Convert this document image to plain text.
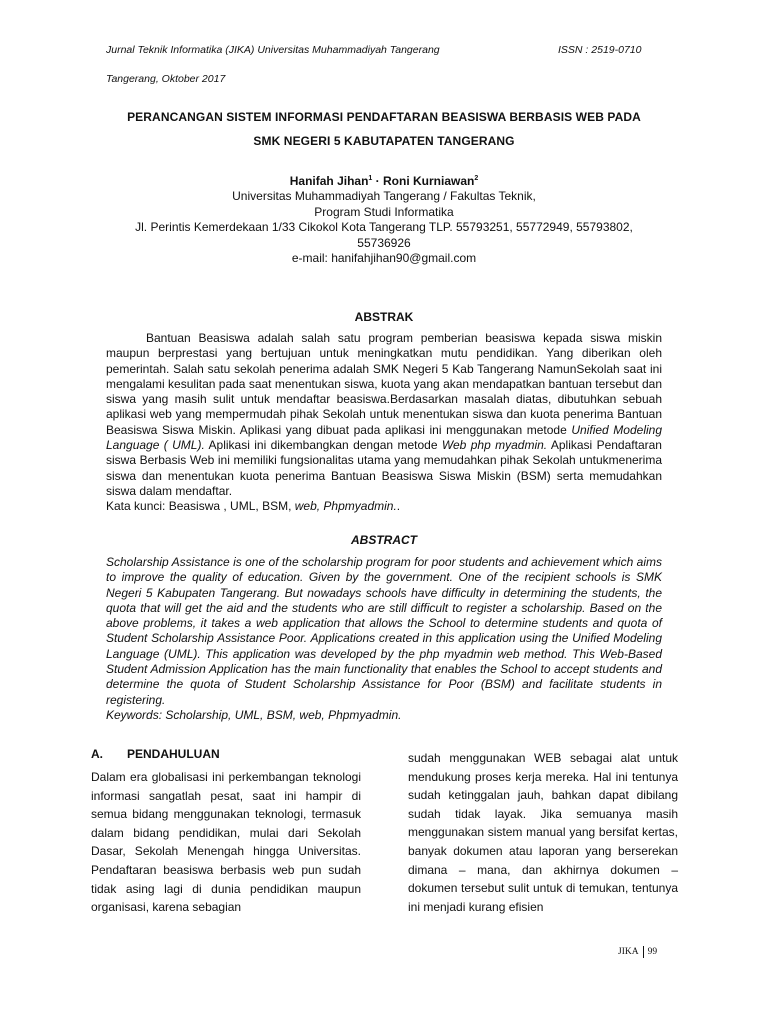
Jurnal Teknik Informatika (JIKA) Universitas Muhammadiyah Tangerang	ISSN : 2519-0710
Tangerang, Oktober 2017
PERANCANGAN SISTEM INFORMASI PENDAFTARAN BEASISWA BERBASIS WEB PADA
SMK NEGERI 5 KABUTAPATEN TANGERANG
Hanifah Jihan$^1$ · Roni Kurniawan$^2$
Universitas Muhammadiyah Tangerang / Fakultas Teknik,
Program Studi Informatika
Jl. Perintis Kemerdekaan 1/33 Cikokol Kota Tangerang TLP. 55793251, 55772949, 55793802,
55736926
e-mail: hanifahjihan90@gmail.com
ABSTRAK

Bantuan Beasiswa adalah salah satu program pemberian beasiswa kepada siswa miskin maupun berprestasi yang bertujuan untuk meningkatkan mutu pendidikan. Yang diberikan oleh pemerintah. Salah satu sekolah penerima adalah SMK Negeri 5 Kab Tangerang NamunSekolah saat ini mengalami kesulitan pada saat menentukan siswa, kuota yang akan mendapatkan bantuan tersebut dan siswa yang masih sulit untuk mendaftar beasiswa.Berdasarkan masalah diatas, dibutuhkan sebuah aplikasi web yang mempermudah pihak Sekolah untuk menentukan siswa dan kuota penerima Bantuan Beasiswa Siswa Miskin. Aplikasi yang dibuat pada aplikasi ini menggunakan metode Unified Modeling Language ( UML). Aplikasi ini dikembangkan dengan metode Web php myadmin. Aplikasi Pendaftaran siswa Berbasis Web ini memiliki fungsionalitas utama yang memudahkan pihak Sekolah untukmenerima siswa dan menentukan kuota penerima Bantuan Beasiswa Siswa Miskin (BSM) serta memudahkan siswa dalam mendaftar.

Kata kunci: Beasiswa , UML, BSM, web, Phpmyadmin..

ABSTRACT

Scholarship Assistance is one of the scholarship program for poor students and achievement which aims to improve the quality of education. Given by the government. One of the recipient schools is SMK Negeri 5 Kabupaten Tangerang. But nowadays schools have difficulty in determining the students, the quota that will get the aid and the students who are still difficult to register a scholarship. Based on the above problems, it takes a web application that allows the School to determine students and quota of Student Scholarship Assistance Poor. Applications created in this application using the Unified Modeling Language (UML). This application was developed by the php myadmin web method. This Web-Based Student Admission Application has the main functionality that enables the School to accept students and determine the quota of Student Scholarship Assistance for Poor (BSM) and facilitate students in registering.

Keywords: Scholarship, UML, BSM, web, Phpmyadmin.

A. PENDAHULUAN

Dalam era globalisasi ini perkembangan teknologi informasi sangatlah pesat, saat ini hampir di semua bidang menggunakan teknologi, termasuk dalam bidang pendidikan, mulai dari Sekolah Dasar, Sekolah Menengah hingga Universitas. Pendaftaran beasiswa berbasis web pun sudah tidak asing lagi di dunia pendidikan maupun organisasi, karena sebagian

sudah menggunakan WEB sebagai alat untuk mendukung proses kerja mereka. Hal ini tentunya sudah ketinggalan jauh, bahkan dapat dibilang sudah tidak layak. Jika semuanya masih menggunakan sistem manual yang bersifat kertas, banyak dokumen atau laporan yang berserekan dimana – mana, dan akhirnya dokumen – dokumen tersebut sulit untuk di temukan, tentunya ini menjadi kurang efisien

JIKA 99
